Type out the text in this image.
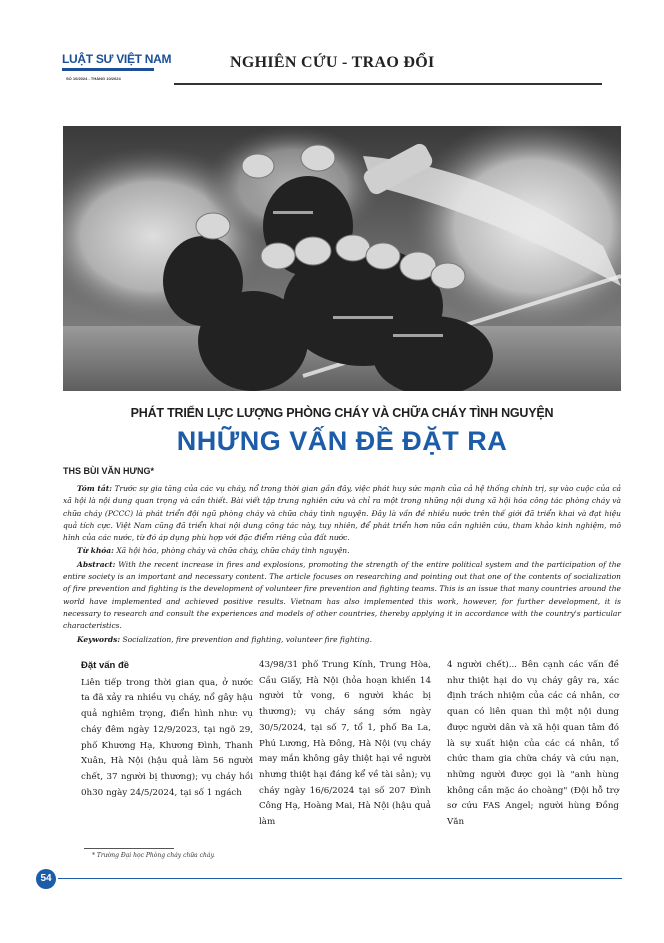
LUẬT SƯ VIỆT NAM
SỐ 10/2024 - THÁNG 10/2024
NGHIÊN CỨU - TRAO ĐỔI
PHÁT TRIỂN LỰC LƯỢNG PHÒNG CHÁY VÀ CHỮA CHÁY TÌNH NGUYỆN
NHỮNG VẤN ĐỀ ĐẶT RA
THS BÙI VĂN HƯNG*

Tóm tắt: Trước sự gia tăng của các vụ cháy, nổ trong thời gian gần đây, việc phát huy sức mạnh của cả hệ thống chính trị, sự vào cuộc của cả xã hội là nội dung quan trọng và cần thiết. Bài viết tập trung nghiên cứu và chỉ ra một trong những nội dung xã hội hóa công tác phòng cháy và chữa cháy (PCCC) là phát triển đội ngũ phòng cháy và chữa cháy tình nguyện. Đây là vấn đề nhiều nước trên thế giới đã triển khai và đạt hiệu quả tích cực. Việt Nam cũng đã triển khai nội dung công tác này, tuy nhiên, để phát triển hơn nữa cần nghiên cứu, tham khảo kinh nghiệm, mô hình của các nước, từ đó áp dụng phù hợp với đặc điểm riêng của đất nước.

Từ khóa: Xã hội hóa, phòng cháy và chữa cháy, chữa cháy tình nguyện.

Abstract: With the recent increase in fires and explosions, promoting the strength of the entire political system and the participation of the entire society is an important and necessary content. The article focuses on researching and pointing out that one of the contents of socialization of fire prevention and fighting is the development of volunteer fire prevention and fighting teams. This is an issue that many countries around the world have implemented and achieved positive results. Vietnam has also implemented this work, however, for further development, it is necessary to research and consult the experiences and models of other countries, thereby applying it in accordance with the country's particular characteristics.

Keywords: Socialization, fire prevention and fighting, volunteer fire fighting.

Đặt vấn đề

Liên tiếp trong thời gian qua, ở nước ta đã xảy ra nhiều vụ cháy, nổ gây hậu quả nghiêm trọng, điển hình như: vụ cháy đêm ngày 12/9/2023, tại ngõ 29, phố Khương Hạ, Khương Đình, Thanh Xuân, Hà Nội (hậu quả làm 56 người chết, 37 người bị thương); vụ cháy hồi 0h30 ngày 24/5/2024, tại số 1 ngách

43/98/31 phố Trung Kính, Trung Hòa, Cầu Giấy, Hà Nội (hỏa hoạn khiến 14 người tử vong, 6 người khác bị thương); vụ cháy sáng sớm ngày 30/5/2024, tại số 7, tổ 1, phố Ba La, Phú Lương, Hà Đông, Hà Nội (vụ cháy may mắn không gây thiệt hại về người nhưng thiệt hại đáng kể về tài sản); vụ cháy ngày 16/6/2024 tại số 207 Đình Công Hạ, Hoàng Mai, Hà Nội (hậu quả làm

4 người chết)... Bên cạnh các vấn đề như thiệt hại do vụ cháy gây ra, xác định trách nhiệm của các cá nhân, cơ quan có liên quan thì một nội dung được người dân và xã hội quan tâm đó là sự xuất hiện của các cá nhân, tổ chức tham gia chữa cháy và cứu nạn, những người được gọi là "anh hùng không cần mặc áo choàng" (Đội hỗ trợ sơ cứu FAS Angel; người hùng Đồng Văn

* Trường Đại học Phòng cháy chữa cháy.
54
